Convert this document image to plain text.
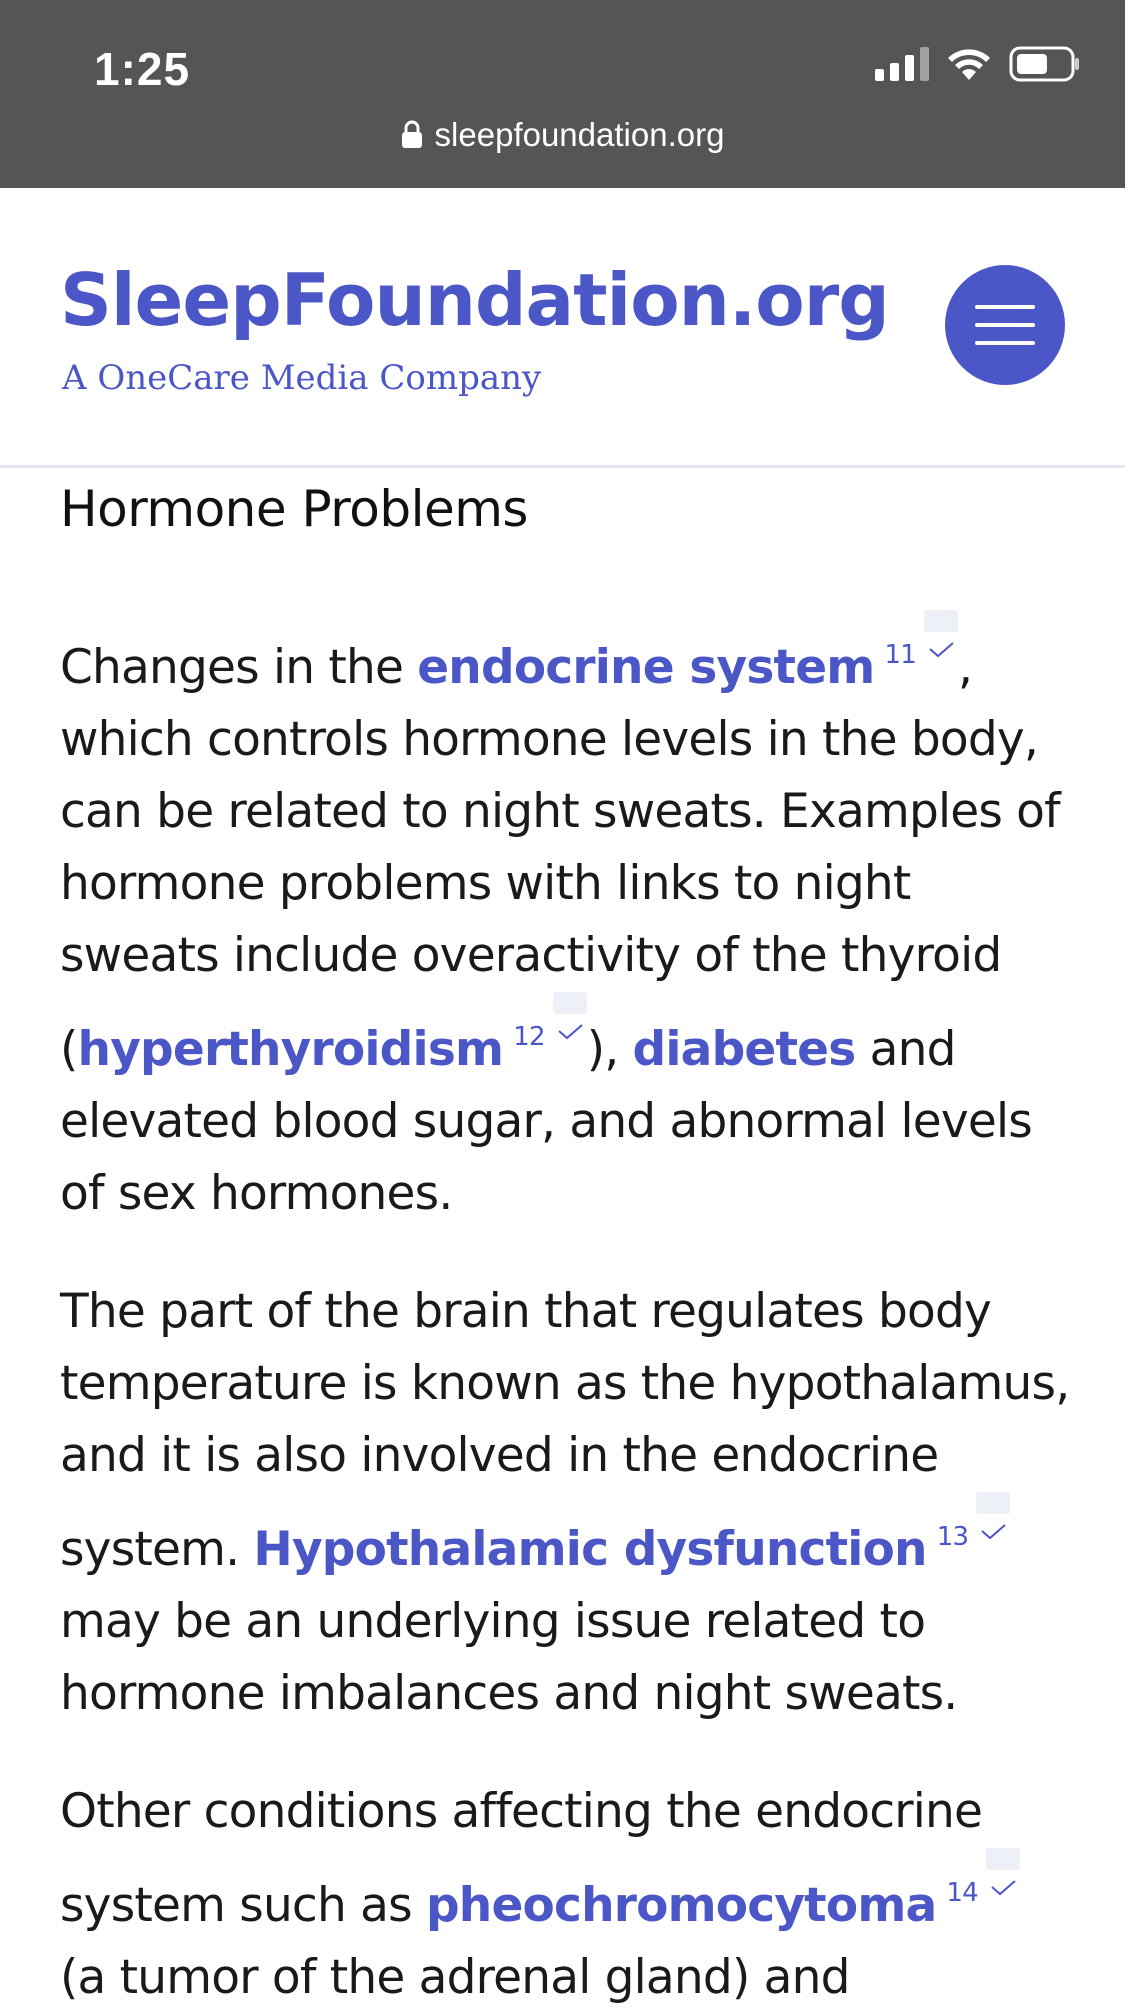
1:25
sleepfoundation.org
SleepFoundation.org
A OneCare Media Company
Hormone Problems

Changes in the endocrine system $^{11}$ , which controls hormone levels in the body, can be related to night sweats. Examples of hormone problems with links to night sweats include overactivity of the thyroid (hyperthyroidism $^{12}$ ), diabetes and elevated blood sugar, and abnormal levels of sex hormones.

The part of the brain that regulates body temperature is known as the hypothalamus, and it is also involved in the endocrine system. Hypothalamic dysfunction $^{13}$ may be an underlying issue related to hormone imbalances and night sweats.

Other conditions affecting the endocrine system such as pheochromocytoma $^{14}$ (a tumor of the adrenal gland) and
